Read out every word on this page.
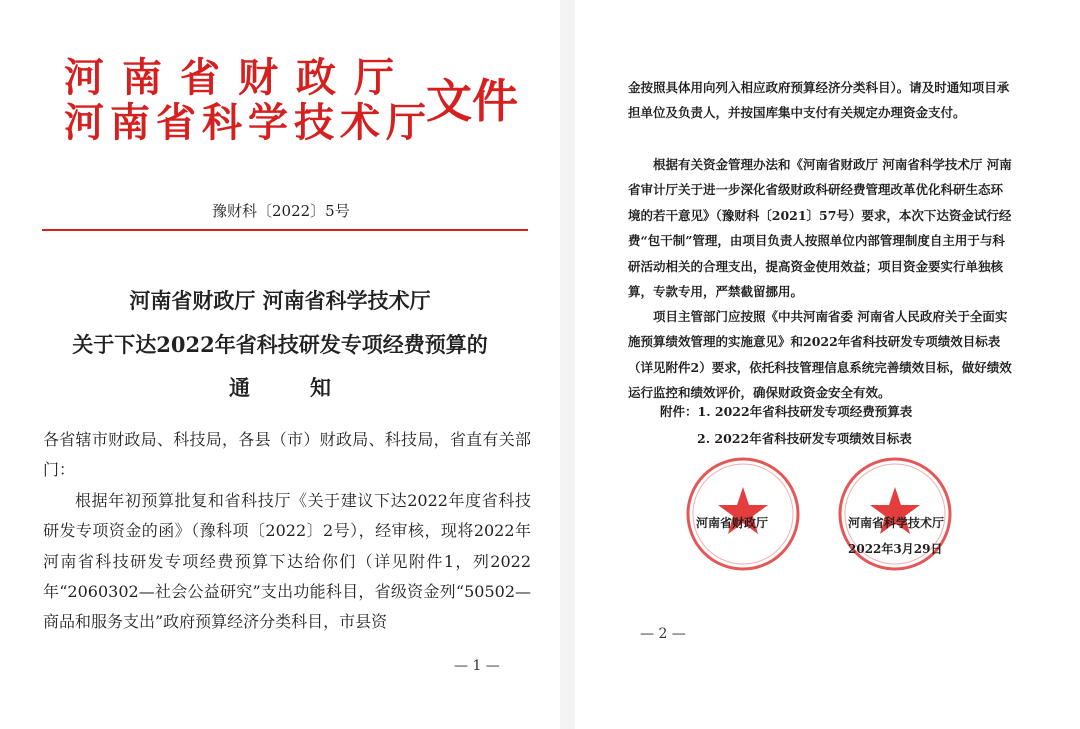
河南省财政厅
河南省科学技术厅
文件
豫财科〔2022〕5号
河南省财政厅 河南省科学技术厅
关于下达2022年省科技研发专项经费预算的
通知

各省辖市财政局、科技局，各县（市）财政局、科技局，省直有关部门：

根据年初预算批复和省科技厅《关于建议下达2022年度省科技研发专项资金的函》（豫科项〔2022〕2号），经审核，现将2022年河南省科技研发专项经费预算下达给你们（详见附件1，列2022年“2060302—社会公益研究”支出功能科目，省级资金列“50502—商品和服务支出”政府预算经济分类科目，市县资

— 1 —

金按照具体用向列入相应政府预算经济分类科目）。请及时通知项目承担单位及负责人，并按国库集中支付有关规定办理资金支付。

根据有关资金管理办法和《河南省财政厅 河南省科学技术厅 河南省审计厅关于进一步深化省级财政科研经费管理改革优化科研生态环境的若干意见》（豫财科〔2021〕57号）要求，本次下达资金试行经费“包干制”管理，由项目负责人按照单位内部管理制度自主用于与科研活动相关的合理支出，提高资金使用效益；项目资金要实行单独核算，专款专用，严禁截留挪用。

项目主管部门应按照《中共河南省委 河南省人民政府关于全面实施预算绩效管理的实施意见》和2022年省科技研发专项绩效目标表（详见附件2）要求，依托科技管理信息系统完善绩效目标，做好绩效运行监控和绩效评价，确保财政资金安全有效。

附件：1. 2022年省科技研发专项经费预算表
2. 2022年省科技研发专项绩效目标表
河南省财政厅	河南省科学技术厅
2022年3月29日
— 2 —
